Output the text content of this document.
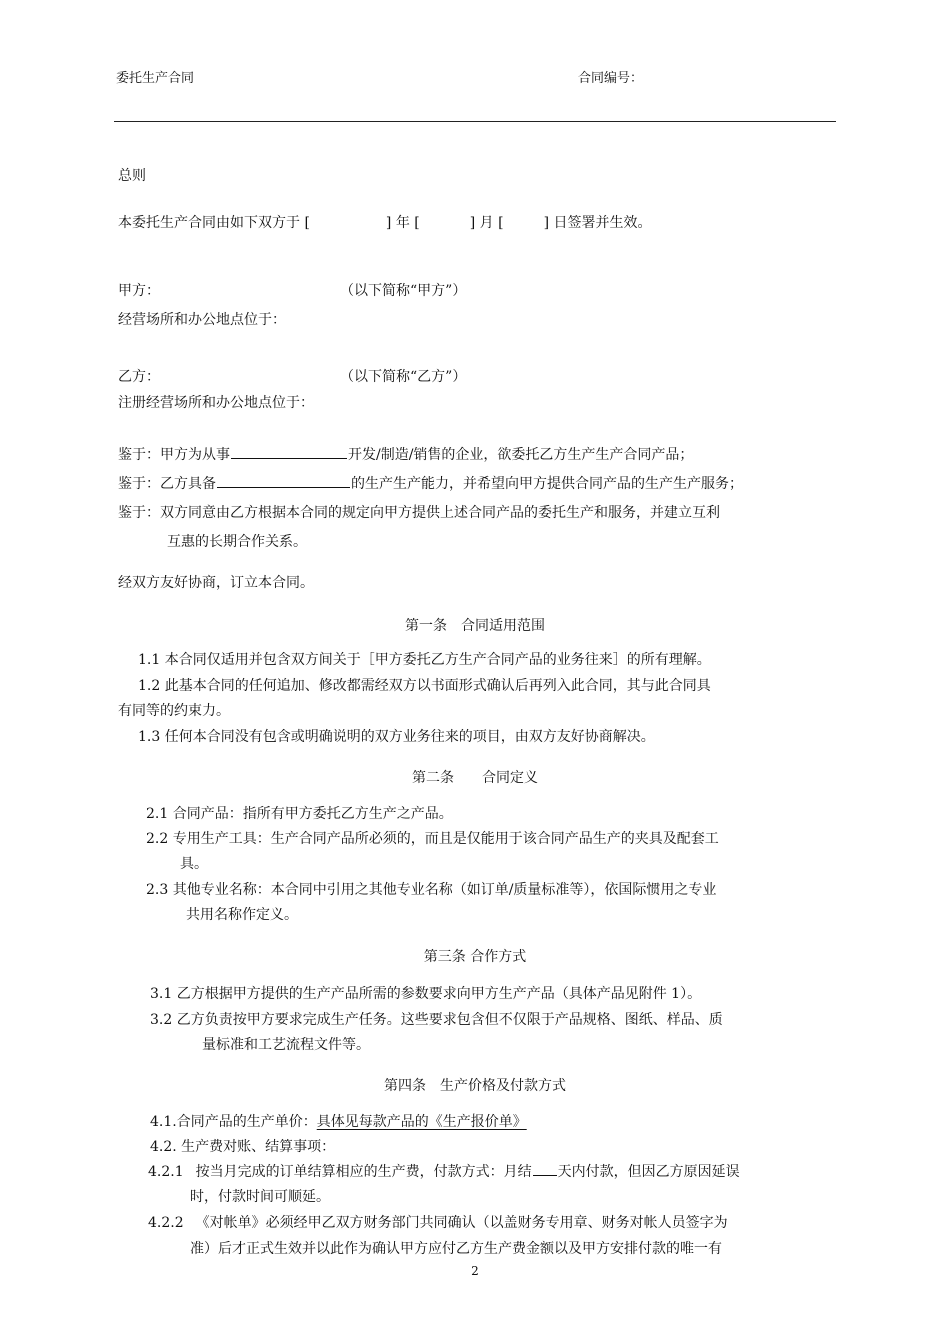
委托生产合同	合同编号：
总则
本委托生产合同由如下双方于 [	] 年 [	] 月 [	] 日签署并生效。
甲方：	（以下简称“甲方”）
经营场所和办公地点位于：
乙方：	（以下简称“乙方”）
注册经营场所和办公地点位于：
鉴于：甲方为从事	开发/制造/销售的企业，欲委托乙方生产生产合同产品；
鉴于：乙方具备	的生产生产能力，并希望向甲方提供合同产品的生产生产服务；
鉴于：双方同意由乙方根据本合同的规定向甲方提供上述合同产品的委托生产和服务，并建立互利
互惠的长期合作关系。
经双方友好协商，订立本合同。
第一条　合同适用范围
1.1 本合同仅适用并包含双方间关于［甲方委托乙方生产合同产品的业务往来］的所有理解。
1.2 此基本合同的任何追加、修改都需经双方以书面形式确认后再列入此合同，其与此合同具
有同等的约束力。
1.3 任何本合同没有包含或明确说明的双方业务往来的项目，由双方友好协商解决。
第二条　　合同定义
2.1 合同产品：指所有甲方委托乙方生产之产品。
2.2 专用生产工具：生产合同产品所必须的，而且是仅能用于该合同产品生产的夹具及配套工
具。
2.3 其他专业名称：本合同中引用之其他专业名称（如订单/质量标准等），依国际惯用之专业
共用名称作定义。
第三条 合作方式
3.1 乙方根据甲方提供的生产产品所需的参数要求向甲方生产产品（具体产品见附件 1）。
3.2 乙方负责按甲方要求完成生产任务。这些要求包含但不仅限于产品规格、图纸、样品、质
量标准和工艺流程文件等。
第四条　生产价格及付款方式
4.1.合同产品的生产单价：具体见每款产品的《生产报价单》
4.2. 生产费对账、结算事项：
4.2.1 按当月完成的订单结算相应的生产费，付款方式：月结 天内付款，但因乙方原因延误
时，付款时间可顺延。
4.2.2 《对帐单》必须经甲乙双方财务部门共同确认（以盖财务专用章、财务对帐人员签字为
准）后才正式生效并以此作为确认甲方应付乙方生产费金额以及甲方安排付款的唯一有
2
